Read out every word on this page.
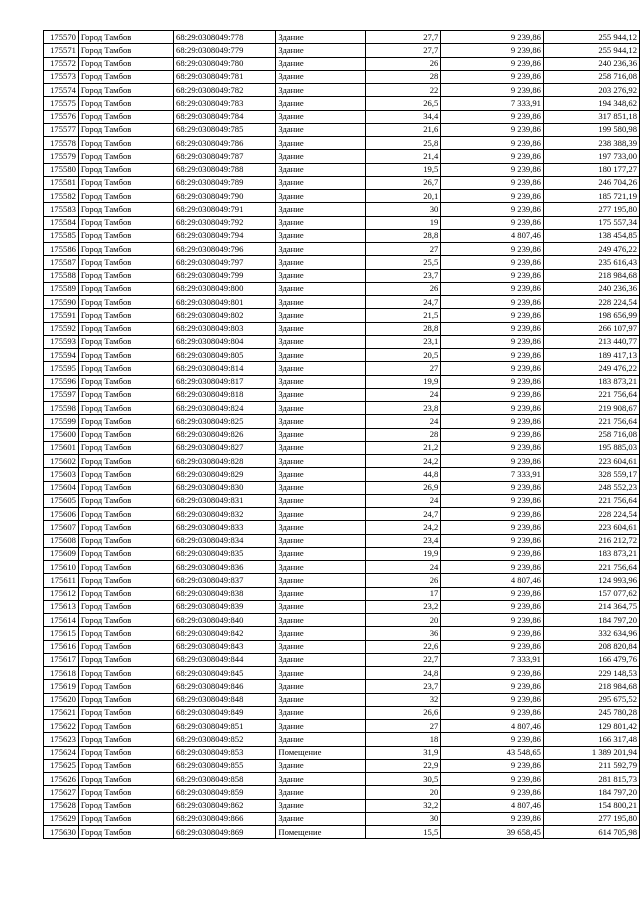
175570	Город Тамбов	68:29:0308049:778	Здание	27,7	9 239,86	255 944,12
175571	Город Тамбов	68:29:0308049:779	Здание	27,7	9 239,86	255 944,12
175572	Город Тамбов	68:29:0308049:780	Здание	26	9 239,86	240 236,36
175573	Город Тамбов	68:29:0308049:781	Здание	28	9 239,86	258 716,08
175574	Город Тамбов	68:29:0308049:782	Здание	22	9 239,86	203 276,92
175575	Город Тамбов	68:29:0308049:783	Здание	26,5	7 333,91	194 348,62
175576	Город Тамбов	68:29:0308049:784	Здание	34,4	9 239,86	317 851,18
175577	Город Тамбов	68:29:0308049:785	Здание	21,6	9 239,86	199 580,98
175578	Город Тамбов	68:29:0308049:786	Здание	25,8	9 239,86	238 388,39
175579	Город Тамбов	68:29:0308049:787	Здание	21,4	9 239,86	197 733,00
175580	Город Тамбов	68:29:0308049:788	Здание	19,5	9 239,86	180 177,27
175581	Город Тамбов	68:29:0308049:789	Здание	26,7	9 239,86	246 704,26
175582	Город Тамбов	68:29:0308049:790	Здание	20,1	9 239,86	185 721,19
175583	Город Тамбов	68:29:0308049:791	Здание	30	9 239,86	277 195,80
175584	Город Тамбов	68:29:0308049:792	Здание	19	9 239,86	175 557,34
175585	Город Тамбов	68:29:0308049:794	Здание	28,8	4 807,46	138 454,85
175586	Город Тамбов	68:29:0308049:796	Здание	27	9 239,86	249 476,22
175587	Город Тамбов	68:29:0308049:797	Здание	25,5	9 239,86	235 616,43
175588	Город Тамбов	68:29:0308049:799	Здание	23,7	9 239,86	218 984,68
175589	Город Тамбов	68:29:0308049:800	Здание	26	9 239,86	240 236,36
175590	Город Тамбов	68:29:0308049:801	Здание	24,7	9 239,86	228 224,54
175591	Город Тамбов	68:29:0308049:802	Здание	21,5	9 239,86	198 656,99
175592	Город Тамбов	68:29:0308049:803	Здание	28,8	9 239,86	266 107,97
175593	Город Тамбов	68:29:0308049:804	Здание	23,1	9 239,86	213 440,77
175594	Город Тамбов	68:29:0308049:805	Здание	20,5	9 239,86	189 417,13
175595	Город Тамбов	68:29:0308049:814	Здание	27	9 239,86	249 476,22
175596	Город Тамбов	68:29:0308049:817	Здание	19,9	9 239,86	183 873,21
175597	Город Тамбов	68:29:0308049:818	Здание	24	9 239,86	221 756,64
175598	Город Тамбов	68:29:0308049:824	Здание	23,8	9 239,86	219 908,67
175599	Город Тамбов	68:29:0308049:825	Здание	24	9 239,86	221 756,64
175600	Город Тамбов	68:29:0308049:826	Здание	28	9 239,86	258 716,08
175601	Город Тамбов	68:29:0308049:827	Здание	21,2	9 239,86	195 885,03
175602	Город Тамбов	68:29:0308049:828	Здание	24,2	9 239,86	223 604,61
175603	Город Тамбов	68:29:0308049:829	Здание	44,8	7 333,91	328 559,17
175604	Город Тамбов	68:29:0308049:830	Здание	26,9	9 239,86	248 552,23
175605	Город Тамбов	68:29:0308049:831	Здание	24	9 239,86	221 756,64
175606	Город Тамбов	68:29:0308049:832	Здание	24,7	9 239,86	228 224,54
175607	Город Тамбов	68:29:0308049:833	Здание	24,2	9 239,86	223 604,61
175608	Город Тамбов	68:29:0308049:834	Здание	23,4	9 239,86	216 212,72
175609	Город Тамбов	68:29:0308049:835	Здание	19,9	9 239,86	183 873,21
175610	Город Тамбов	68:29:0308049:836	Здание	24	9 239,86	221 756,64
175611	Город Тамбов	68:29:0308049:837	Здание	26	4 807,46	124 993,96
175612	Город Тамбов	68:29:0308049:838	Здание	17	9 239,86	157 077,62
175613	Город Тамбов	68:29:0308049:839	Здание	23,2	9 239,86	214 364,75
175614	Город Тамбов	68:29:0308049:840	Здание	20	9 239,86	184 797,20
175615	Город Тамбов	68:29:0308049:842	Здание	36	9 239,86	332 634,96
175616	Город Тамбов	68:29:0308049:843	Здание	22,6	9 239,86	208 820,84
175617	Город Тамбов	68:29:0308049:844	Здание	22,7	7 333,91	166 479,76
175618	Город Тамбов	68:29:0308049:845	Здание	24,8	9 239,86	229 148,53
175619	Город Тамбов	68:29:0308049:846	Здание	23,7	9 239,86	218 984,68
175620	Город Тамбов	68:29:0308049:848	Здание	32	9 239,86	295 675,52
175621	Город Тамбов	68:29:0308049:849	Здание	26,6	9 239,86	245 780,28
175622	Город Тамбов	68:29:0308049:851	Здание	27	4 807,46	129 801,42
175623	Город Тамбов	68:29:0308049:852	Здание	18	9 239,86	166 317,48
175624	Город Тамбов	68:29:0308049:853	Помещение	31,9	43 548,65	1 389 201,94
175625	Город Тамбов	68:29:0308049:855	Здание	22,9	9 239,86	211 592,79
175626	Город Тамбов	68:29:0308049:858	Здание	30,5	9 239,86	281 815,73
175627	Город Тамбов	68:29:0308049:859	Здание	20	9 239,86	184 797,20
175628	Город Тамбов	68:29:0308049:862	Здание	32,2	4 807,46	154 800,21
175629	Город Тамбов	68:29:0308049:866	Здание	30	9 239,86	277 195,80
175630	Город Тамбов	68:29:0308049:869	Помещение	15,5	39 658,45	614 705,98
